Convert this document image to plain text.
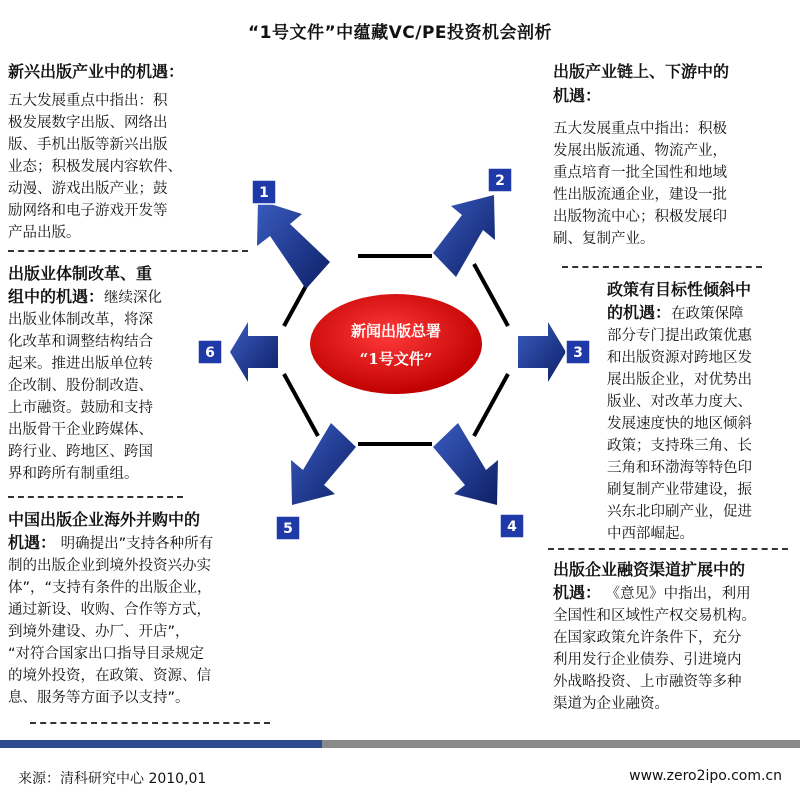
“1号文件”中蕴藏VC/PE投资机会剖析
新兴出版产业中的机遇：
五大发展重点中指出：积
极发展数字出版、网络出
版、手机出版等新兴出版
业态；积极发展内容软件、
动漫、游戏出版产业；鼓
励网络和电子游戏开发等
产品出版。
出版业体制改革、重
组中的机遇：继续深化
出版业体制改革，将深
化改革和调整结构结合
起来。推进出版单位转
企改制、股份制改造、
上市融资。鼓励和支持
出版骨干企业跨媒体、
跨行业、跨地区、跨国
界和跨所有制重组。
中国出版企业海外并购中的
机遇： 明确提出”支持各种所有
制的出版企业到境外投资兴办实
体”，“支持有条件的出版企业，
通过新设、收购、合作等方式，
到境外建设、办厂、开店”，
“对符合国家出口指导目录规定
的境外投资，在政策、资源、信
息、服务等方面予以支持”。
出版产业链上、下游中的
机遇：
五大发展重点中指出：积极
发展出版流通、物流产业，
重点培育一批全国性和地域
性出版流通企业，建设一批
出版物流中心；积极发展印
刷、复制产业。
政策有目标性倾斜中
的机遇：在政策保障
部分专门提出政策优惠
和出版资源对跨地区发
展出版企业，对优势出
版业、对改革力度大、
发展速度快的地区倾斜
政策；支持珠三角、长
三角和环渤海等特色印
刷复制产业带建设，振
兴东北印刷产业，促进
中西部崛起。
出版企业融资渠道扩展中的
机遇： 《意见》中指出，利用
全国性和区域性产权交易机构。
在国家政策允许条件下，充分
利用发行企业债券、引进境内
外战略投资、上市融资等多种
渠道为企业融资。
1
2
3
4
5
6
新闻出版总署
“1号文件”
来源：清科研究中心 2010,01	www.zero2ipo.com.cn
